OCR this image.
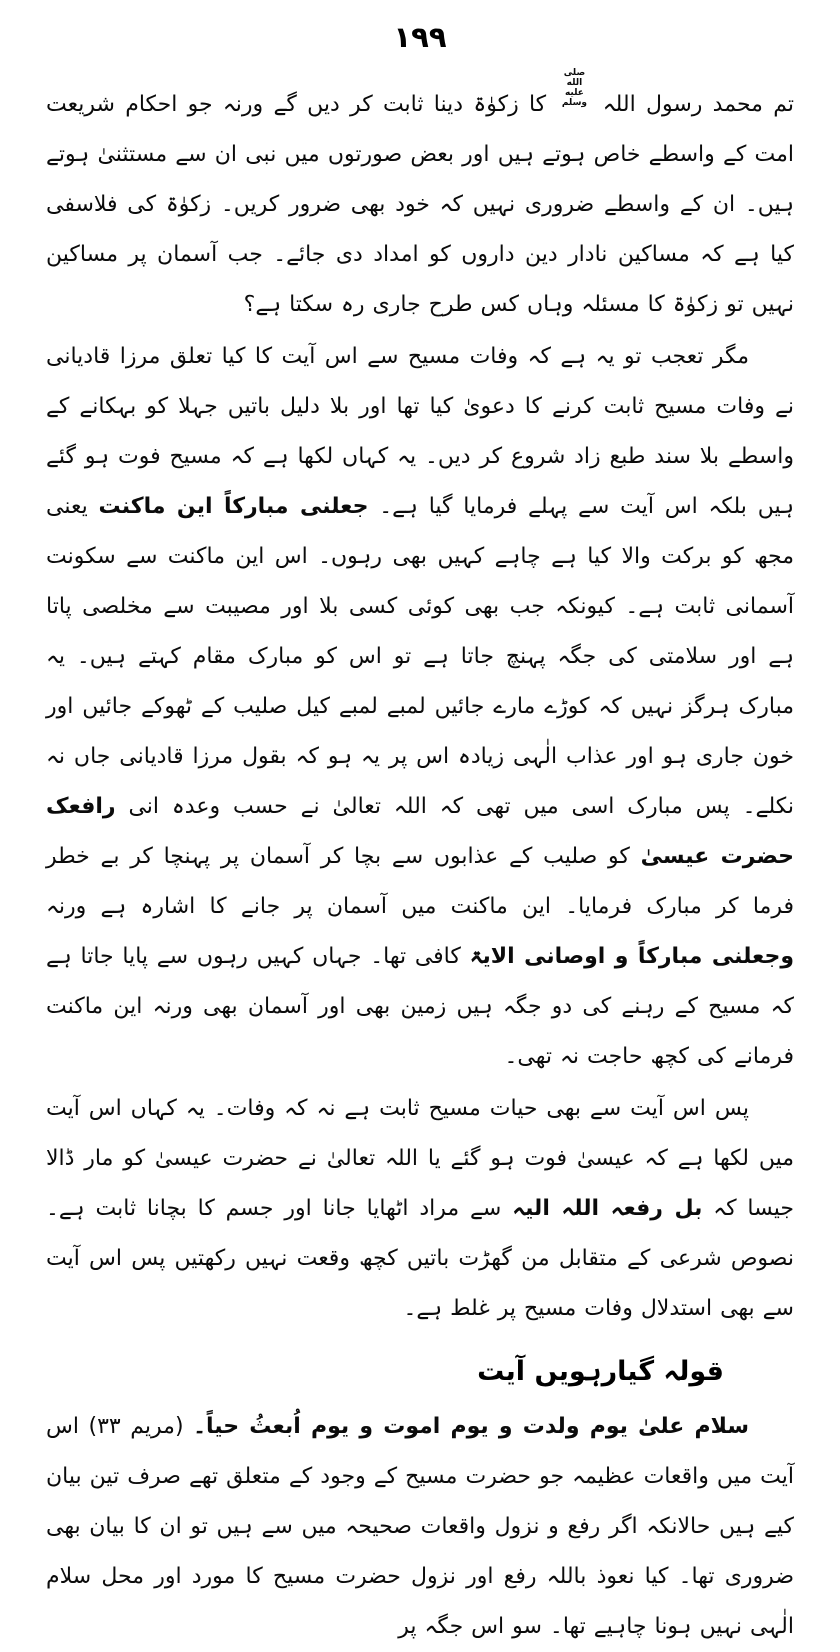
۱۹۹

تم محمد رسول اللہ صلى الله عليه وسلم کا زکوٰۃ دینا ثابت کر دیں گے ورنہ جو احکام شریعت امت کے واسطے خاص ہوتے ہیں اور بعض صورتوں میں نبی ان سے مستثنیٰ ہوتے ہیں۔ ان کے واسطے ضروری نہیں کہ خود بھی ضرور کریں۔ زکوٰۃ کی فلاسفی کیا ہے کہ مساکین نادار دین داروں کو امداد دی جائے۔ جب آسمان پر مساکین نہیں تو زکوٰۃ کا مسئلہ وہاں کس طرح جاری رہ سکتا ہے؟

مگر تعجب تو یہ ہے کہ وفات مسیح سے اس آیت کا کیا تعلق مرزا قادیانی نے وفات مسیح ثابت کرنے کا دعویٰ کیا تھا اور بلا دلیل باتیں جہلا کو بہکانے کے واسطے بلا سند طبع زاد شروع کر دیں۔ یہ کہاں لکھا ہے کہ مسیح فوت ہو گئے ہیں بلکہ اس آیت سے پہلے فرمایا گیا ہے۔ جعلنی مبارکاً این ماکنت یعنی مجھ کو برکت والا کیا ہے چاہے کہیں بھی رہوں۔ اس این ماکنت سے سکونت آسمانی ثابت ہے۔ کیونکہ جب بھی کوئی کسی بلا اور مصیبت سے مخلصی پاتا ہے اور سلامتی کی جگہ پہنچ جاتا ہے تو اس کو مبارک مقام کہتے ہیں۔ یہ مبارک ہرگز نہیں کہ کوڑے مارے جائیں لمبے لمبے کیل صلیب کے ٹھوکے جائیں اور خون جاری ہو اور عذاب الٰہی زیادہ اس پر یہ ہو کہ بقول مرزا قادیانی جاں نہ نکلے۔ پس مبارک اسی میں تھی کہ اللہ تعالیٰ نے حسب وعدہ انی رافعک حضرت عیسیٰ کو صلیب کے عذابوں سے بچا کر آسمان پر پہنچا کر بے خطر فرما کر مبارک فرمایا۔ این ماکنت میں آسمان پر جانے کا اشارہ ہے ورنہ وجعلنی مبارکاً و اوصانی الایۃ کافی تھا۔ جہاں کہیں رہوں سے پایا جاتا ہے کہ مسیح کے رہنے کی دو جگہ ہیں زمین بھی اور آسمان بھی ورنہ این ماکنت فرمانے کی کچھ حاجت نہ تھی۔

پس اس آیت سے بھی حیات مسیح ثابت ہے نہ کہ وفات۔ یہ کہاں اس آیت میں لکھا ہے کہ عیسیٰ فوت ہو گئے یا اللہ تعالیٰ نے حضرت عیسیٰ کو مار ڈالا جیسا کہ بل رفعہ اللہ الیہ سے مراد اٹھایا جانا اور جسم کا بچانا ثابت ہے۔ نصوص شرعی کے متقابل من گھڑت باتیں کچھ وقعت نہیں رکھتیں پس اس آیت سے بھی استدلال وفات مسیح پر غلط ہے۔

قولہ گیارہویں آیت

سلام علیٰ یوم ولدت و یوم اموت و یوم اُبعثُ حیاً۔ (مریم ۳۳) اس آیت میں واقعات عظیمہ جو حضرت مسیح کے وجود کے متعلق تھے صرف تین بیان کیے ہیں حالانکہ اگر رفع و نزول واقعات صحیحہ میں سے ہیں تو ان کا بیان بھی ضروری تھا۔ کیا نعوذ باللہ رفع اور نزول حضرت مسیح کا مورد اور محل سلام الٰہی نہیں ہونا چاہیے تھا۔ سو اس جگہ پر
